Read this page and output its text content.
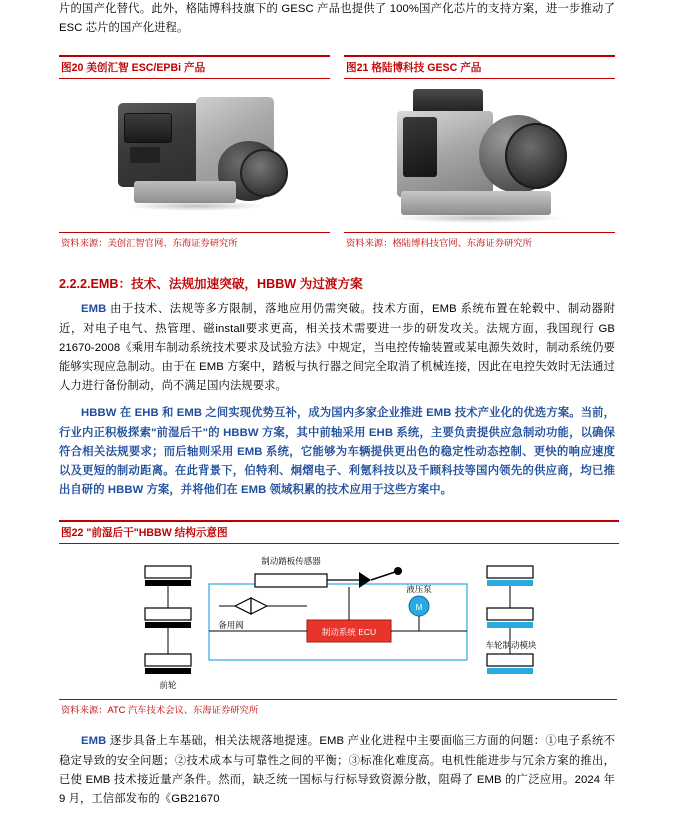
片的国产化替代。此外，格陆博科技旗下的 GESC 产品也提供了 100%国产化芯片的支持方案，进一步推动了 ESC 芯片的国产化进程。

图20 美创汇智 ESC/EPBi 产品
资料来源：美创汇智官网、东海证券研究所
图21 格陆博科技 GESC 产品
资料来源：格陆博科技官网、东海证券研究所
2.2.2.EMB：技术、法规加速突破，HBBW 为过渡方案

EMB 由于技术、法规等多方限制，落地应用仍需突破。技术方面，EMB 系统布置在轮毂中、制动器附近，对电子电气、热管理、磁install要求更高，相关技术需要进一步的研发攻关。法规方面，我国现行 GB 21670-2008《乘用车制动系统技术要求及试验方法》中规定，当电控传输装置或某电源失效时，制动系统仍要能够实现应急制动。由于在 EMB 方案中，踏板与执行器之间完全取消了机械连接，因此在电控失效时无法通过人力进行备份制动，尚不满足国内法规要求。

HBBW 在 EHB 和 EMB 之间实现优势互补，成为国内多家企业推进 EMB 技术产业化的优选方案。当前，行业内正积极探索"前湿后干"的 HBBW 方案，其中前轴采用 EHB 系统，主要负责提供应急制动功能，以确保符合相关法规要求；而后轴则采用 EMB 系统，它能够为车辆提供更出色的稳定性动态控制、更快的响应速度以及更短的制动距离。在此背景下，伯特利、炯熠电子、利氪科技以及千顾科技等国内领先的供应商，均已推出自研的 HBBW 方案，并将他们在 EMB 领域积累的技术应用于这些方案中。

图22 "前湿后干"HBBW 结构示意图
M
制动系统 ECU
制动踏板传感器
备用阀
液压泵
车轮制动模块
前轮
资料来源：ATC 汽车技术会议、东海证券研究所

EMB 逐步具备上车基础，相关法规落地提速。EMB 产业化进程中主要面临三方面的问题：①电子系统不稳定导致的安全问题；②技术成本与可靠性之间的平衡；③标准化难度高。电机性能进步与冗余方案的推出，已使 EMB 技术接近量产条件。然而，缺乏统一国标与行标导致资源分散，阻碍了 EMB 的广泛应用。2024 年 9 月，工信部发布的《GB21670
